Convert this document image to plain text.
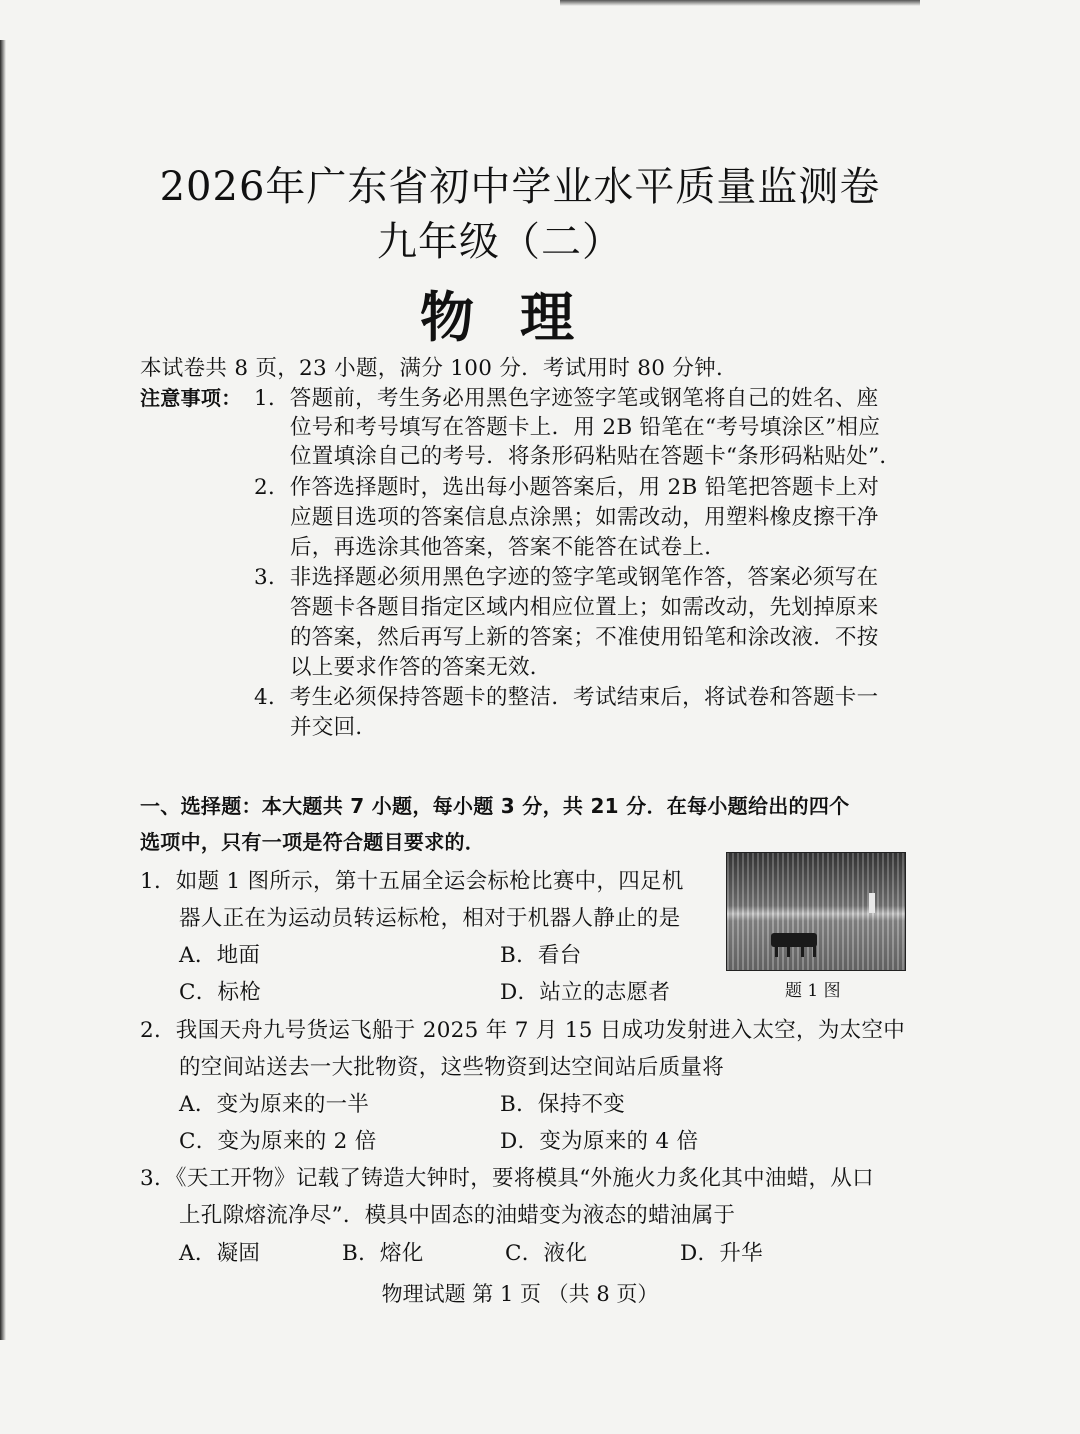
2026年广东省初中学业水平质量监测卷
九年级（二）
物理
本试卷共 8 页，23 小题，满分 100 分．考试用时 80 分钟．
注意事项： 1．答题前，考生务必用黑色字迹签字笔或钢笔将自己的姓名、座
位号和考号填写在答题卡上．用 2B 铅笔在“考号填涂区”相应
位置填涂自己的考号．将条形码粘贴在答题卡“条形码粘贴处”．
2．作答选择题时，选出每小题答案后，用 2B 铅笔把答题卡上对
应题目选项的答案信息点涂黑；如需改动，用塑料橡皮擦干净
后，再选涂其他答案，答案不能答在试卷上．
3．非选择题必须用黑色字迹的签字笔或钢笔作答，答案必须写在
答题卡各题目指定区域内相应位置上；如需改动，先划掉原来
的答案，然后再写上新的答案；不准使用铅笔和涂改液．不按
以上要求作答的答案无效．
4．考生必须保持答题卡的整洁．考试结束后，将试卷和答题卡一
并交回．
一、选择题：本大题共 7 小题，每小题 3 分，共 21 分．在每小题给出的四个
选项中，只有一项是符合题目要求的．
1．如题 1 图所示，第十五届全运会标枪比赛中，四足机
器人正在为运动员转运标枪，相对于机器人静止的是
A．地面	B．看台
C．标枪	D．站立的志愿者	题 1 图
2．我国天舟九号货运飞船于 2025 年 7 月 15 日成功发射进入太空，为太空中
的空间站送去一大批物资，这些物资到达空间站后质量将
A．变为原来的一半	B．保持不变
C．变为原来的 2 倍	D．变为原来的 4 倍
3．《天工开物》记载了铸造大钟时，要将模具“外施火力炙化其中油蜡，从口
上孔隙熔流净尽”．模具中固态的油蜡变为液态的蜡油属于
A．凝固	B．熔化	C．液化	D．升华
物理试题 第 1 页 （共 8 页）
